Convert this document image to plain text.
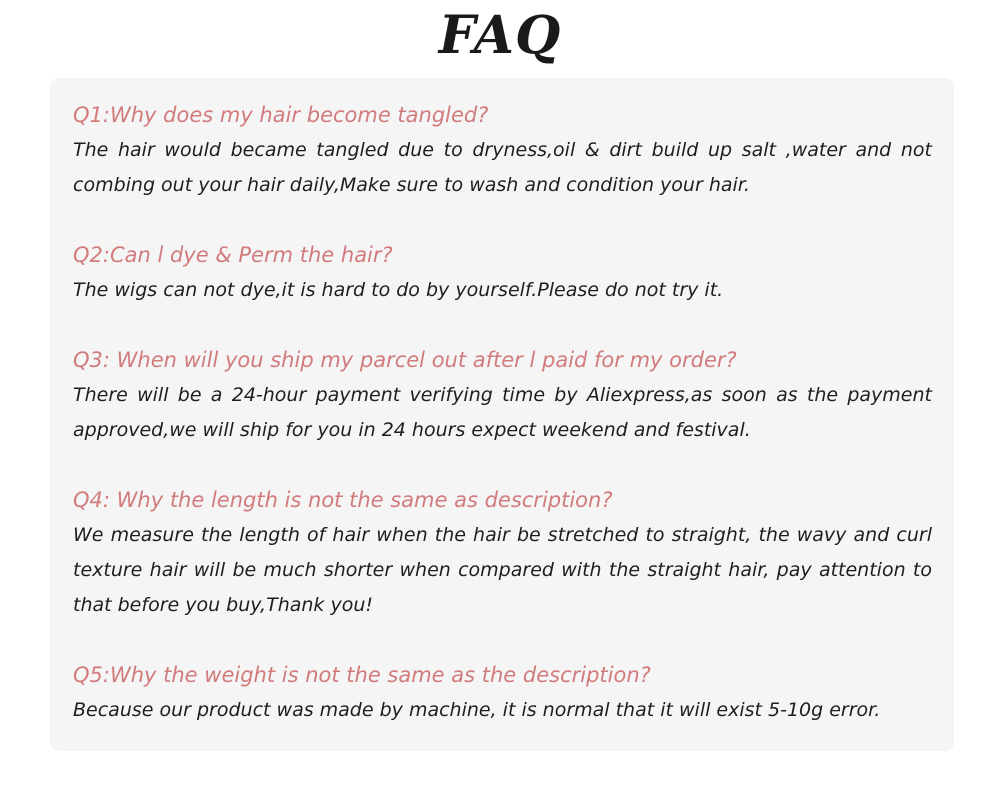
FAQ
Q1:Why does my hair become tangled?
The hair would became tangled due to dryness,oil & dirt build up salt ,water and not combing out your hair daily,Make sure to wash and condition your hair.
Q2:Can l dye & Perm the hair?
The wigs can not dye,it is hard to do by yourself.Please do not try it.
Q3: When will you ship my parcel out after l paid for my order?
There will be a 24-hour payment verifying time by Aliexpress,as soon as the payment approved,we will ship for you in 24 hours expect weekend and festival.
Q4: Why the length is not the same as description?
We measure the length of hair when the hair be stretched to straight, the wavy and curl texture hair will be much shorter when compared with the straight hair, pay attention to that before you buy,Thank you!
Q5:Why the weight is not the same as the description?
Because our product was made by machine, it is normal that it will exist 5-10g error.
